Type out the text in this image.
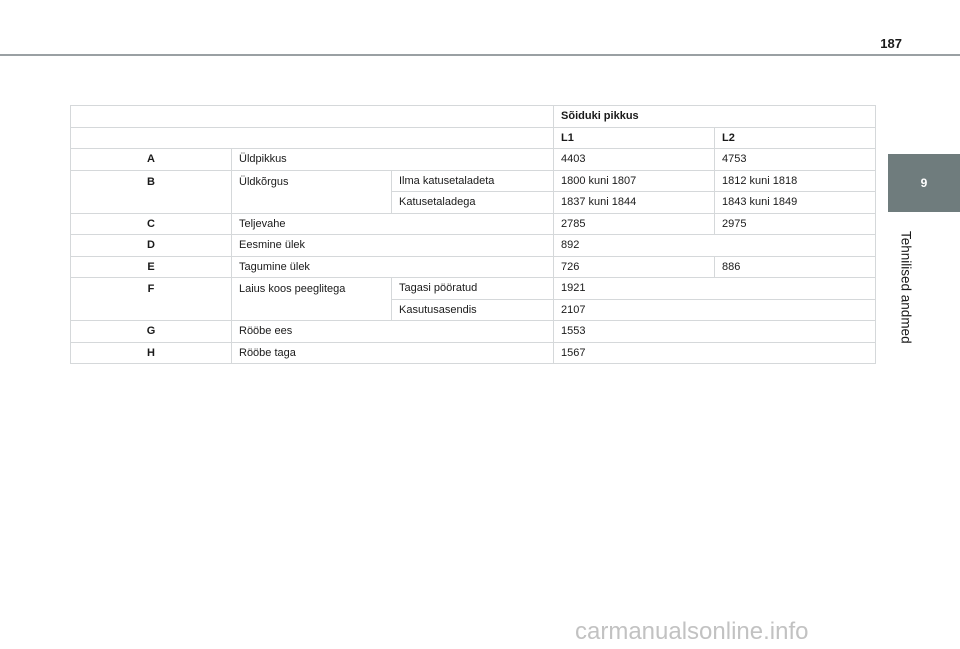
187
9
Tehnilised andmed
			Sõiduki pikkus	
			L1	L2
A	Üldpikkus		4403	4753
B	Üldkõrgus	Ilma katusetaladeta	1800 kuni 1807	1812 kuni 1818
		Katusetaladega	1837 kuni 1844	1843 kuni 1849
C	Teljevahe		2785	2975
D	Eesmine ülek		892	
E	Tagumine ülek		726	886
F	Laius koos peeglitega	Tagasi pööratud	1921	
		Kasutusasendis	2107	
G	Rööbe ees		1553	
H	Rööbe taga		1567	
carmanualsonline.info
